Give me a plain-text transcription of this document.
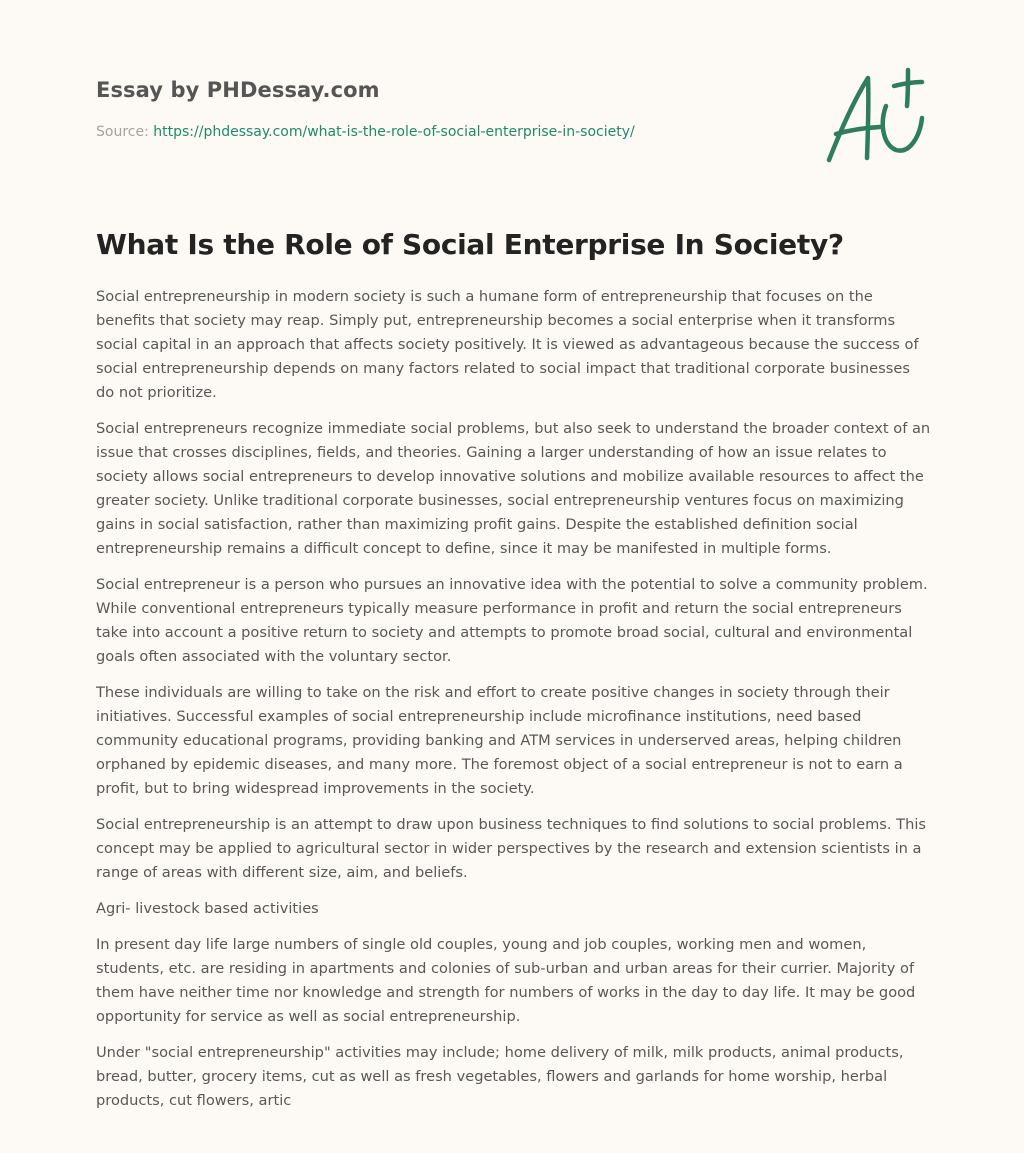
Essay by PHDessay.com
Source: https://phdessay.com/what-is-the-role-of-social-enterprise-in-society/
What Is the Role of Social Enterprise In Society?

Social entrepreneurship in modern society is such a humane form of entrepreneurship that focuses on the benefits that society may reap. Simply put, entrepreneurship becomes a social enterprise when it transforms social capital in an approach that affects society positively. It is viewed as advantageous because the success of social entrepreneurship depends on many factors related to social impact that traditional corporate businesses do not prioritize.

Social entrepreneurs recognize immediate social problems, but also seek to understand the broader context of an issue that crosses disciplines, fields, and theories. Gaining a larger understanding of how an issue relates to society allows social entrepreneurs to develop innovative solutions and mobilize available resources to affect the greater society. Unlike traditional corporate businesses, social entrepreneurship ventures focus on maximizing gains in social satisfaction, rather than maximizing profit gains. Despite the established definition social entrepreneurship remains a difficult concept to define, since it may be manifested in multiple forms.

Social entrepreneur is a person who pursues an innovative idea with the potential to solve a community problem. While conventional entrepreneurs typically measure performance in profit and return the social entrepreneurs take into account a positive return to society and attempts to promote broad social, cultural and environmental goals often associated with the voluntary sector.

These individuals are willing to take on the risk and effort to create positive changes in society through their initiatives. Successful examples of social entrepreneurship include microfinance institutions, need based community educational programs, providing banking and ATM services in underserved areas, helping children orphaned by epidemic diseases, and many more. The foremost object of a social entrepreneur is not to earn a profit, but to bring widespread improvements in the society.

Social entrepreneurship is an attempt to draw upon business techniques to find solutions to social problems. This concept may be applied to agricultural sector in wider perspectives by the research and extension scientists in a range of areas with different size, aim, and beliefs.

Agri- livestock based activities

In present day life large numbers of single old couples, young and job couples, working men and women, students, etc. are residing in apartments and colonies of sub-urban and urban areas for their currier. Majority of them have neither time nor knowledge and strength for numbers of works in the day to day life. It may be good opportunity for service as well as social entrepreneurship.

Under "social entrepreneurship" activities may include; home delivery of milk, milk products, animal products, bread, butter, grocery items, cut as well as fresh vegetables, flowers and garlands for home worship, herbal products, cut flowers, artic
